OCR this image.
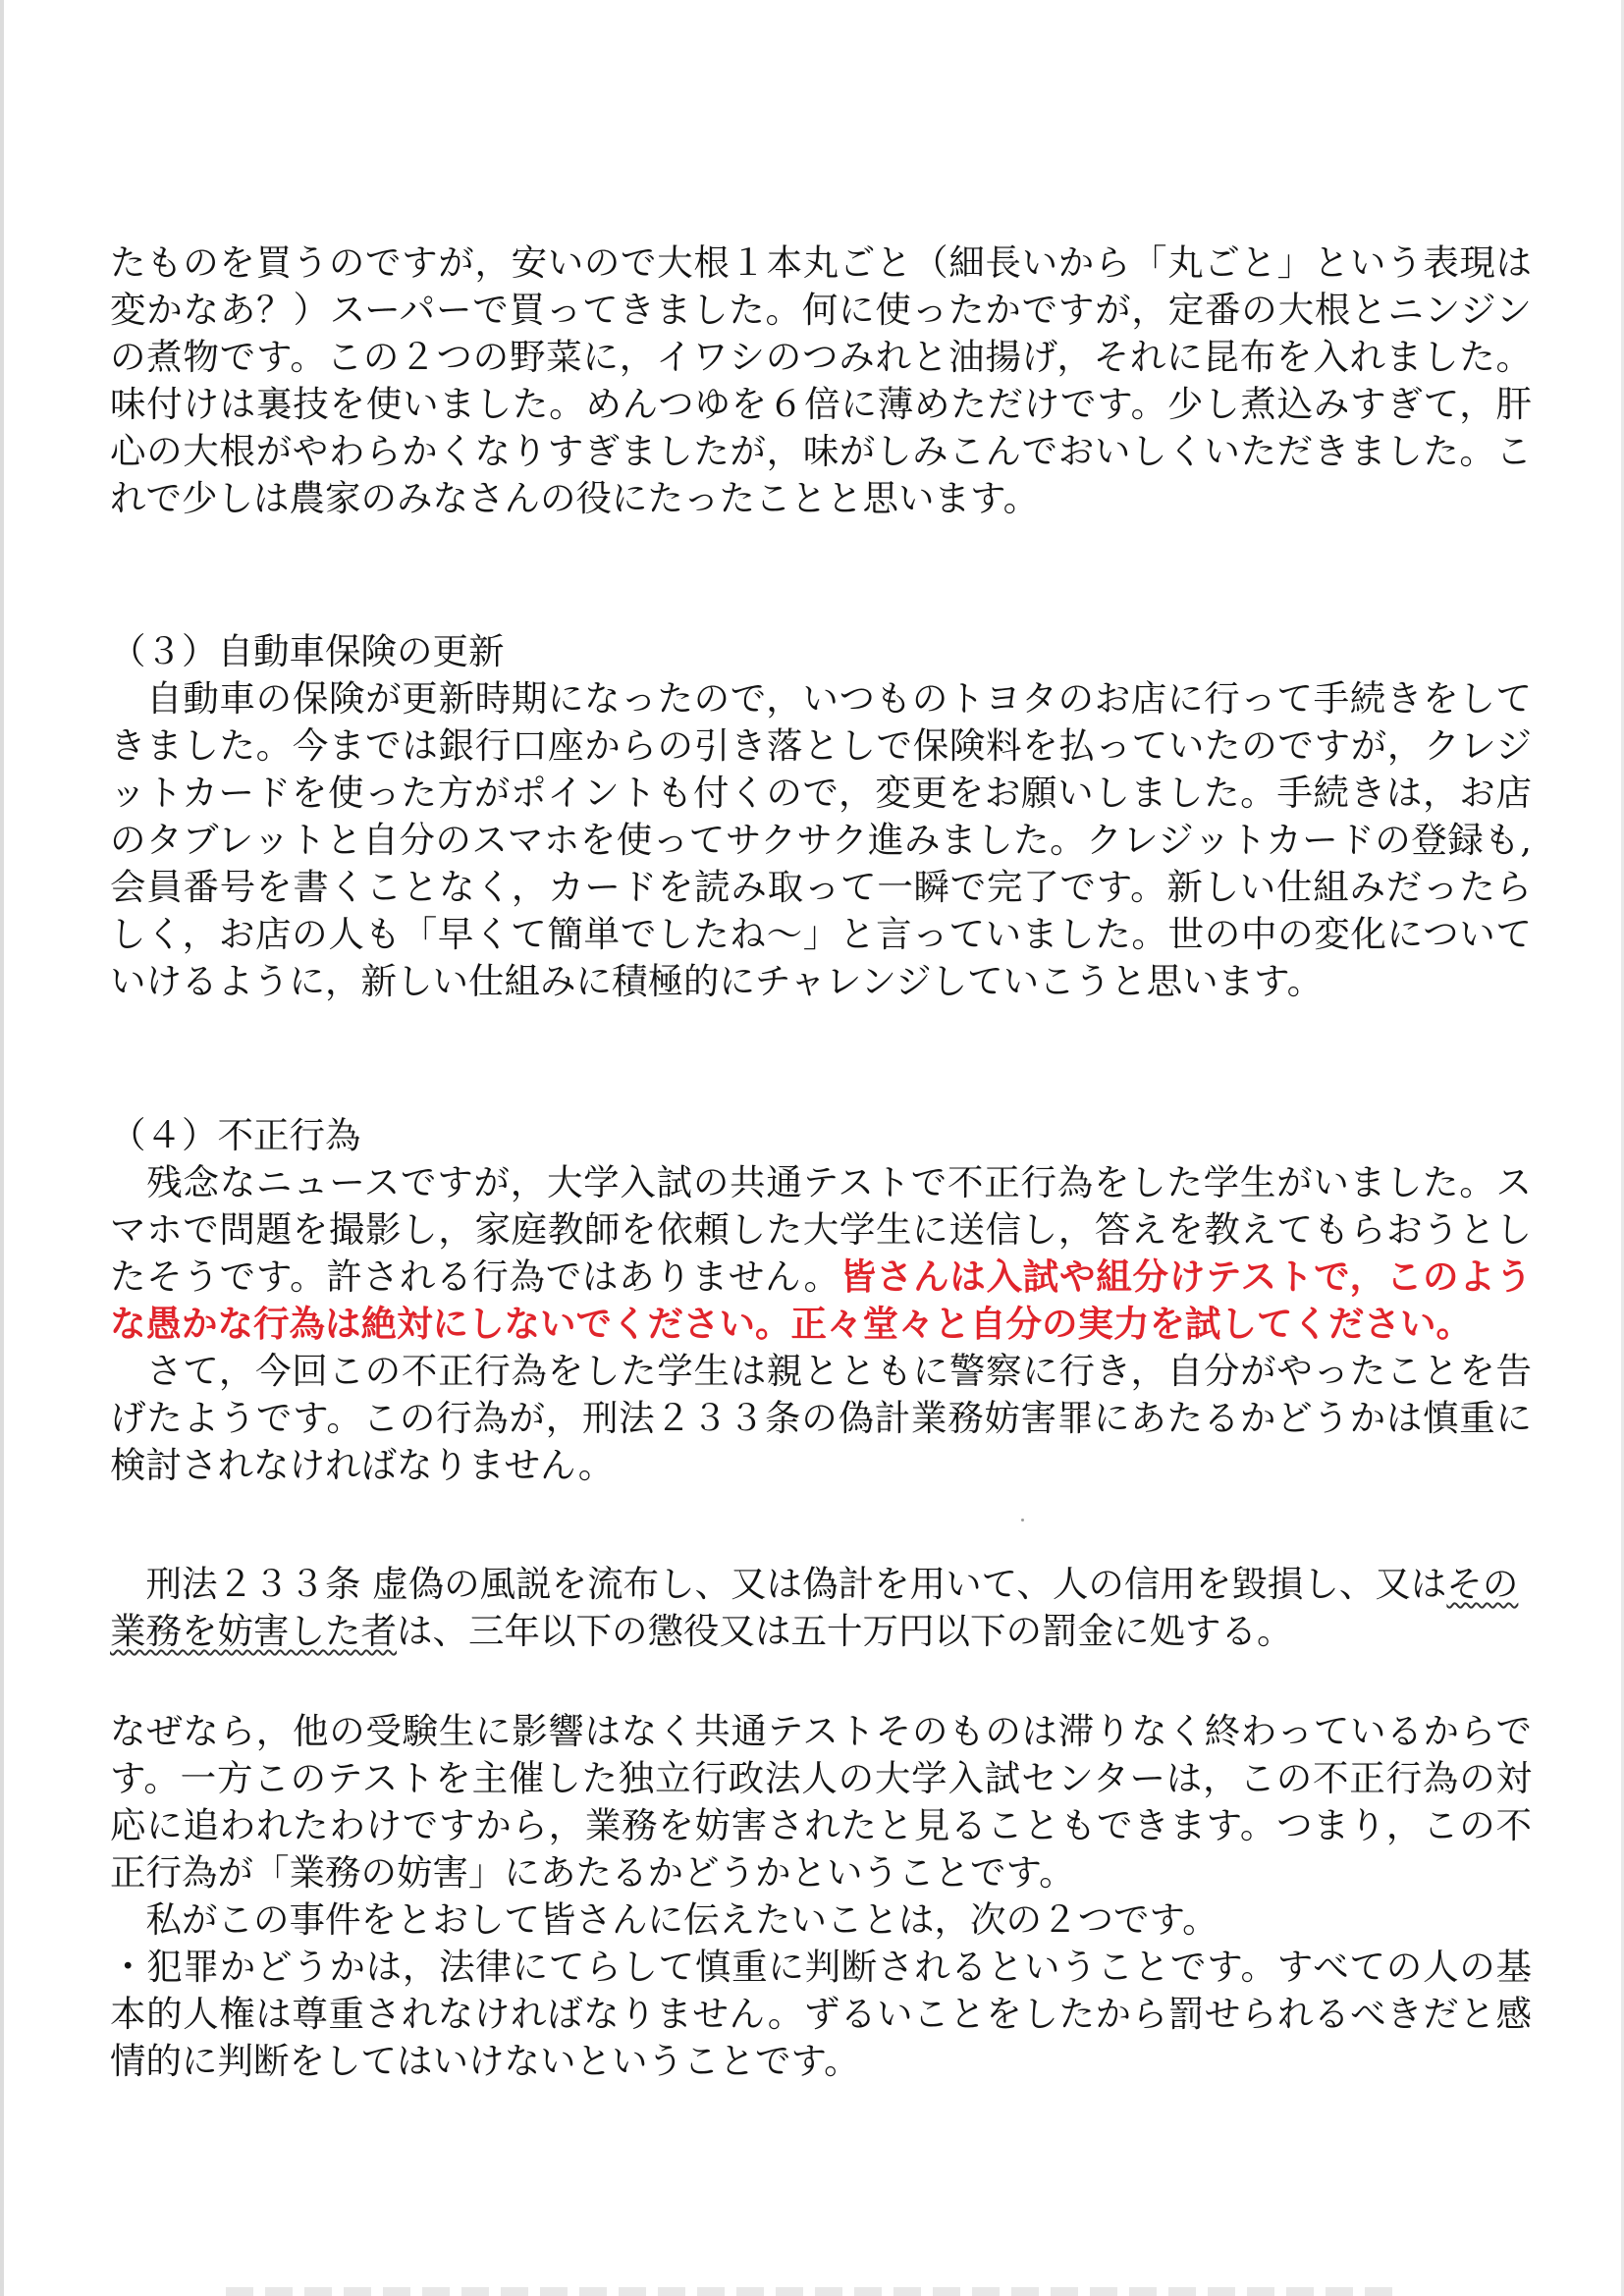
たものを買うのですが，安いので大根１本丸ごと（細長いから「丸ごと」という表現は
変かなあ？）スーパーで買ってきました。何に使ったかですが，定番の大根とニンジン
の煮物です。この２つの野菜に，イワシのつみれと油揚げ，それに昆布を入れました。
味付けは裏技を使いました。めんつゆを６倍に薄めただけです。少し煮込みすぎて，肝
心の大根がやわらかくなりすぎましたが，味がしみこんでおいしくいただきました。こ
れで少しは農家のみなさんの役にたったことと思います。
（３）自動車保険の更新
　自動車の保険が更新時期になったので，いつものトヨタのお店に行って手続きをして
きました。今までは銀行口座からの引き落としで保険料を払っていたのですが，クレジ
ットカードを使った方がポイントも付くので，変更をお願いしました。手続きは，お店
のタブレットと自分のスマホを使ってサクサク進みました。クレジットカードの登録も,
会員番号を書くことなく，カードを読み取って一瞬で完了です。新しい仕組みだったら
しく，お店の人も「早くて簡単でしたね～」と言っていました。世の中の変化について
いけるように，新しい仕組みに積極的にチャレンジしていこうと思います。
（４）不正行為
　残念なニュースですが，大学入試の共通テストで不正行為をした学生がいました。ス
マホで問題を撮影し，家庭教師を依頼した大学生に送信し，答えを教えてもらおうとし
たそうです。許される行為ではありません。皆さんは入試や組分けテストで，このよう
な愚かな行為は絶対にしないでください。正々堂々と自分の実力を試してください。
　さて，今回この不正行為をした学生は親とともに警察に行き，自分がやったことを告
げたようです。この行為が，刑法２３３条の偽計業務妨害罪にあたるかどうかは慎重に
検討されなければなりません。
　刑法２３３条 虚偽の風説を流布し、又は偽計を用いて、人の信用を毀損し、又はその
業務を妨害した者は、三年以下の懲役又は五十万円以下の罰金に処する。
なぜなら，他の受験生に影響はなく共通テストそのものは滞りなく終わっているからで
す。一方このテストを主催した独立行政法人の大学入試センターは，この不正行為の対
応に追われたわけですから，業務を妨害されたと見ることもできます。つまり，この不
正行為が「業務の妨害」にあたるかどうかということです。
　私がこの事件をとおして皆さんに伝えたいことは，次の２つです。
・犯罪かどうかは，法律にてらして慎重に判断されるということです。すべての人の基
本的人権は尊重されなければなりません。ずるいことをしたから罰せられるべきだと感
情的に判断をしてはいけないということです。
